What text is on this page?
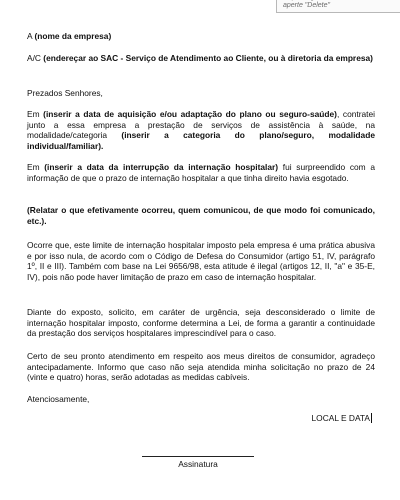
aperte "Delete"

A (nome da empresa)

A/C (endereçar ao SAC - Serviço de Atendimento ao Cliente, ou à diretoria da empresa)

Prezados Senhores,

Em (inserir a data de aquisição e/ou adaptação do plano ou seguro-saúde), contratei junto a essa empresa a prestação de serviços de assistência à saúde, na modalidade/categoria (inserir a categoria do plano/seguro, modalidade individual/familiar).

Em (inserir a data da interrupção da internação hospitalar) fui surpreendido com a informação de que o prazo de internação hospitalar a que tinha direito havia esgotado.

(Relatar o que efetivamente ocorreu, quem comunicou, de que modo foi comunicado, etc.).

Ocorre que, este limite de internação hospitalar imposto pela empresa é uma prática abusiva e por isso nula, de acordo com o Código de Defesa do Consumidor (artigo 51, IV, parágrafo 1º, II e III). Também com base na Lei 9656/98, esta atitude é ilegal (artigos 12, II, "a" e 35-E, IV), pois não pode haver limitação de prazo em caso de internação hospitalar.

Diante do exposto, solicito, em caráter de urgência, seja desconsiderado o limite de internação hospitalar imposto, conforme determina a Lei, de forma a garantir a continuidade da prestação dos serviços hospitalares imprescindível para o caso.

Certo de seu pronto atendimento em respeito aos meus direitos de consumidor, agradeço antecipadamente. Informo que caso não seja atendida minha solicitação no prazo de 24 (vinte e quatro) horas, serão adotadas as medidas cabíveis.

Atenciosamente,

LOCAL E DATA

Assinatura
